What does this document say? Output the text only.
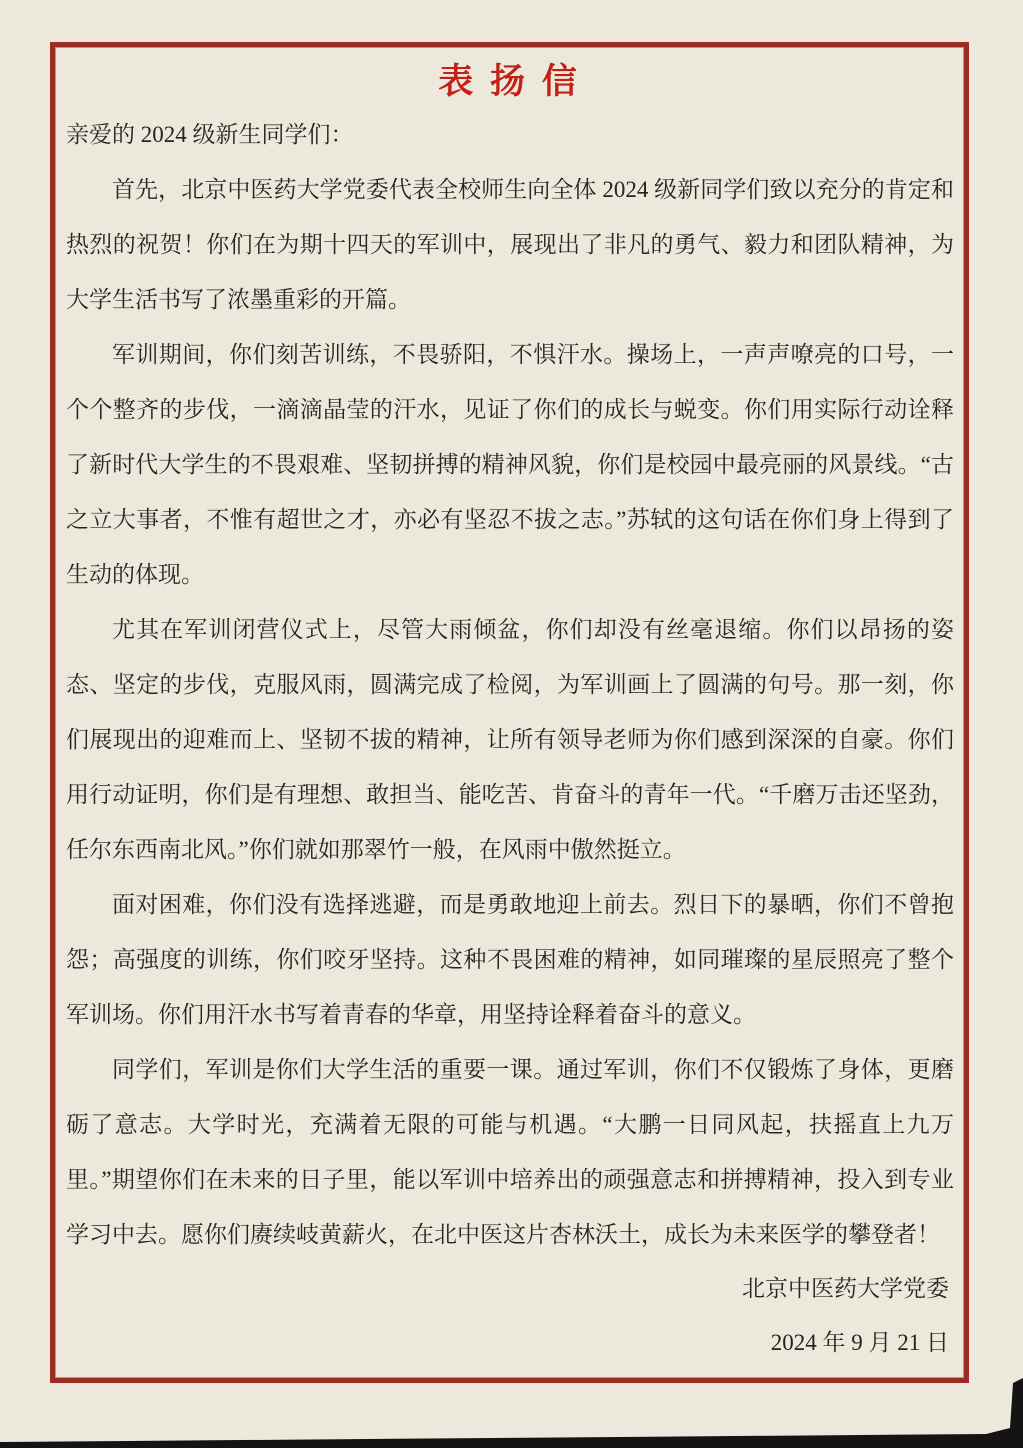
表 扬 信

亲爱的 2024 级新生同学们：

首先，北京中医药大学党委代表全校师生向全体 2024 级新同学们致以充分的肯定和热烈的祝贺！你们在为期十四天的军训中，展现出了非凡的勇气、毅力和团队精神，为大学生活书写了浓墨重彩的开篇。

军训期间，你们刻苦训练，不畏骄阳，不惧汗水。操场上，一声声嘹亮的口号，一个个整齐的步伐，一滴滴晶莹的汗水，见证了你们的成长与蜕变。你们用实际行动诠释了新时代大学生的不畏艰难、坚韧拼搏的精神风貌，你们是校园中最亮丽的风景线。“古之立大事者，不惟有超世之才，亦必有坚忍不拔之志。”苏轼的这句话在你们身上得到了生动的体现。

尤其在军训闭营仪式上，尽管大雨倾盆，你们却没有丝毫退缩。你们以昂扬的姿态、坚定的步伐，克服风雨，圆满完成了检阅，为军训画上了圆满的句号。那一刻，你们展现出的迎难而上、坚韧不拔的精神，让所有领导老师为你们感到深深的自豪。你们用行动证明，你们是有理想、敢担当、能吃苦、肯奋斗的青年一代。“千磨万击还坚劲，任尔东西南北风。”你们就如那翠竹一般，在风雨中傲然挺立。

面对困难，你们没有选择逃避，而是勇敢地迎上前去。烈日下的暴晒，你们不曾抱怨；高强度的训练，你们咬牙坚持。这种不畏困难的精神，如同璀璨的星辰照亮了整个军训场。你们用汗水书写着青春的华章，用坚持诠释着奋斗的意义。

同学们，军训是你们大学生活的重要一课。通过军训，你们不仅锻炼了身体，更磨砺了意志。大学时光，充满着无限的可能与机遇。“大鹏一日同风起，扶摇直上九万里。”期望你们在未来的日子里，能以军训中培养出的顽强意志和拼搏精神，投入到专业学习中去。愿你们赓续岐黄薪火，在北中医这片杏林沃土，成长为未来医学的攀登者！

北京中医药大学党委

2024 年 9 月 21 日
